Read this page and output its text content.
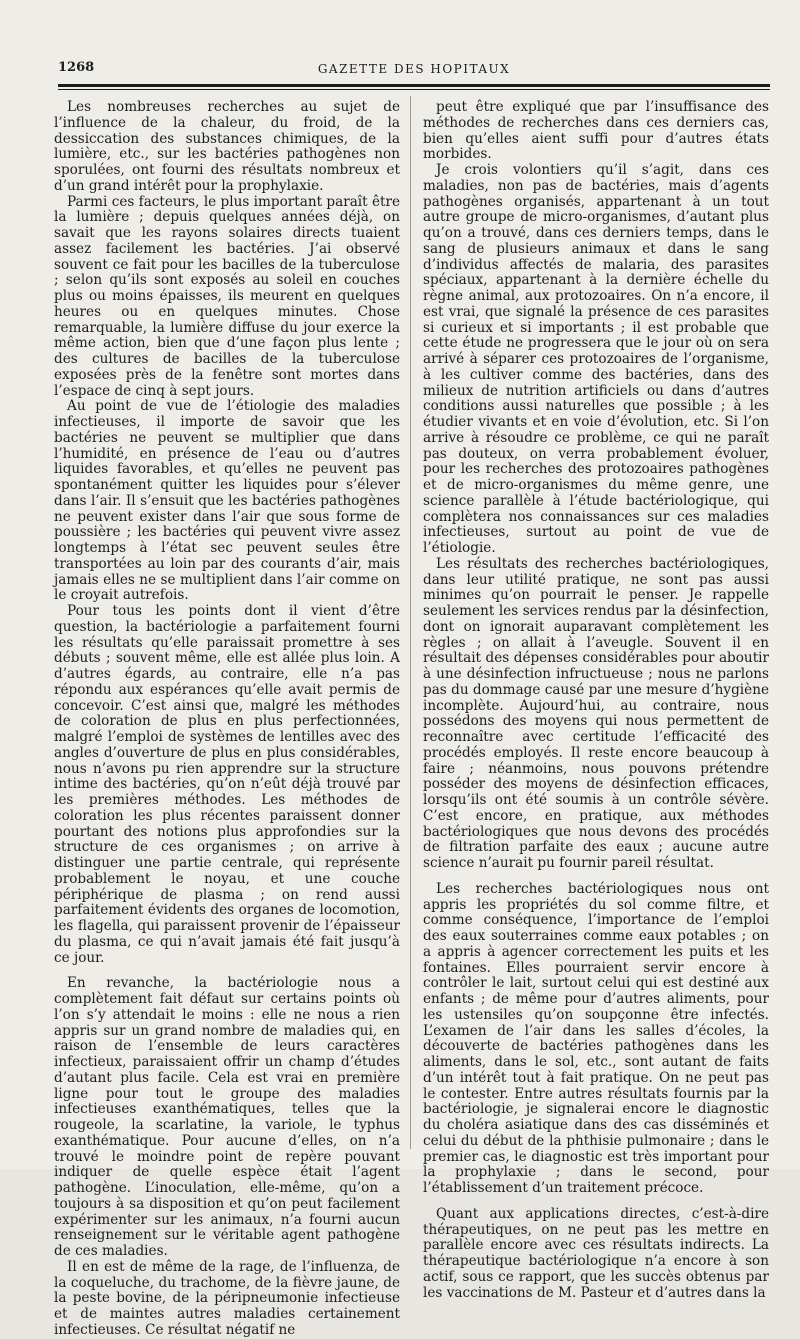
1268	GAZETTE DES HOPITAUX

Les nombreuses recherches au sujet de l’influence de la chaleur, du froid, de la dessiccation des substances chimiques, de la lumière, etc., sur les bactéries pathogènes non sporulées, ont fourni des résultats nombreux et d’un grand intérêt pour la prophylaxie.

Parmi ces facteurs, le plus important paraît être la lumière ; depuis quelques années déjà, on savait que les rayons solaires directs tuaient assez facilement les bactéries. J’ai observé souvent ce fait pour les bacilles de la tuberculose ; selon qu’ils sont exposés au soleil en couches plus ou moins épaisses, ils meurent en quelques heures ou en quelques minutes. Chose remarquable, la lumière diffuse du jour exerce la même action, bien que d’une façon plus lente ; des cultures de bacilles de la tuberculose exposées près de la fenêtre sont mortes dans l’espace de cinq à sept jours.

Au point de vue de l’étiologie des maladies infectieuses, il importe de savoir que les bactéries ne peuvent se multiplier que dans l’humidité, en présence de l’eau ou d’autres liquides favorables, et qu’elles ne peuvent pas spontanément quitter les liquides pour s’élever dans l’air. Il s’ensuit que les bactéries pathogènes ne peuvent exister dans l’air que sous forme de poussière ; les bactéries qui peuvent vivre assez longtemps à l’état sec peuvent seules être transportées au loin par des courants d’air, mais jamais elles ne se multiplient dans l’air comme on le croyait autrefois.

Pour tous les points dont il vient d’être question, la bactériologie a parfaitement fourni les résultats qu’elle paraissait promettre à ses débuts ; souvent même, elle est allée plus loin. A d’autres égards, au contraire, elle n’a pas répondu aux espérances qu’elle avait permis de concevoir. C’est ainsi que, malgré les méthodes de coloration de plus en plus perfectionnées, malgré l’emploi de systèmes de lentilles avec des angles d’ouverture de plus en plus considérables, nous n’avons pu rien apprendre sur la structure intime des bactéries, qu’on n’eût déjà trouvé par les premières méthodes. Les méthodes de coloration les plus récentes paraissent donner pourtant des notions plus approfondies sur la structure de ces organismes ; on arrive à distinguer une partie centrale, qui représente probablement le noyau, et une couche périphérique de plasma ; on rend aussi parfaitement évidents des organes de locomotion, les flagella, qui paraissent provenir de l’épaisseur du plasma, ce qui n’avait jamais été fait jusqu’à ce jour.

En revanche, la bactériologie nous a complètement fait défaut sur certains points où l’on s’y attendait le moins : elle ne nous a rien appris sur un grand nombre de maladies qui, en raison de l’ensemble de leurs caractères infectieux, paraissaient offrir un champ d’études d’autant plus facile. Cela est vrai en première ligne pour tout le groupe des maladies infectieuses exanthématiques, telles que la rougeole, la scarlatine, la variole, le typhus exanthématique. Pour aucune d’elles, on n’a trouvé le moindre point de repère pouvant indiquer de quelle espèce était l’agent pathogène. L’inoculation, elle-même, qu’on a toujours à sa disposition et qu’on peut facilement expérimenter sur les animaux, n’a fourni aucun renseignement sur le véritable agent pathogène de ces maladies.

Il en est de même de la rage, de l’influenza, de la coqueluche, du trachome, de la fièvre jaune, de la peste bovine, de la péripneumonie infectieuse et de maintes autres maladies certainement infectieuses. Ce résultat négatif ne

peut être expliqué que par l’insuffisance des méthodes de recherches dans ces derniers cas, bien qu’elles aient suffi pour d’autres états morbides.

Je crois volontiers qu’il s’agit, dans ces maladies, non pas de bactéries, mais d’agents pathogènes organisés, appartenant à un tout autre groupe de micro-organismes, d’autant plus qu’on a trouvé, dans ces derniers temps, dans le sang de plusieurs animaux et dans le sang d’individus affectés de malaria, des parasites spéciaux, appartenant à la dernière échelle du règne animal, aux protozoaires. On n’a encore, il est vrai, que signalé la présence de ces parasites si curieux et si importants ; il est probable que cette étude ne progressera que le jour où on sera arrivé à séparer ces protozoaires de l’organisme, à les cultiver comme des bactéries, dans des milieux de nutrition artificiels ou dans d’autres conditions aussi naturelles que possible ; à les étudier vivants et en voie d’évolution, etc. Si l’on arrive à résoudre ce problème, ce qui ne paraît pas douteux, on verra probablement évoluer, pour les recherches des protozoaires pathogènes et de micro-organismes du même genre, une science parallèle à l’étude bactériologique, qui complètera nos connaissances sur ces maladies infectieuses, surtout au point de vue de l’étiologie.

Les résultats des recherches bactériologiques, dans leur utilité pratique, ne sont pas aussi minimes qu’on pourrait le penser. Je rappelle seulement les services rendus par la désinfection, dont on ignorait auparavant complètement les règles ; on allait à l’aveugle. Souvent il en résultait des dépenses considérables pour aboutir à une désinfection infructueuse ; nous ne parlons pas du dommage causé par une mesure d’hygiène incomplète. Aujourd’hui, au contraire, nous possédons des moyens qui nous permettent de reconnaître avec certitude l’efficacité des procédés employés. Il reste encore beaucoup à faire ; néanmoins, nous pouvons prétendre posséder des moyens de désinfection efficaces, lorsqu’ils ont été soumis à un contrôle sévère. C’est encore, en pratique, aux méthodes bactériologiques que nous devons des procédés de filtration parfaite des eaux ; aucune autre science n’aurait pu fournir pareil résultat.

Les recherches bactériologiques nous ont appris les propriétés du sol comme filtre, et comme conséquence, l’importance de l’emploi des eaux souterraines comme eaux potables ; on a appris à agencer correctement les puits et les fontaines. Elles pourraient servir encore à contrôler le lait, surtout celui qui est destiné aux enfants ; de même pour d’autres aliments, pour les ustensiles qu’on soupçonne être infectés. L’examen de l’air dans les salles d’écoles, la découverte de bactéries pathogènes dans les aliments, dans le sol, etc., sont autant de faits d’un intérêt tout à fait pratique. On ne peut pas le contester. Entre autres résultats fournis par la bactériologie, je signalerai encore le diagnostic du choléra asiatique dans des cas disséminés et celui du début de la phthisie pulmonaire ; dans le premier cas, le diagnostic est très important pour la prophylaxie ; dans le second, pour l’établissement d’un traitement précoce.

Quant aux applications directes, c’est-à-dire thérapeutiques, on ne peut pas les mettre en parallèle encore avec ces résultats indirects. La thérapeutique bactériologique n’a encore à son actif, sous ce rapport, que les succès obtenus par les vaccinations de M. Pasteur et d’autres dans la
